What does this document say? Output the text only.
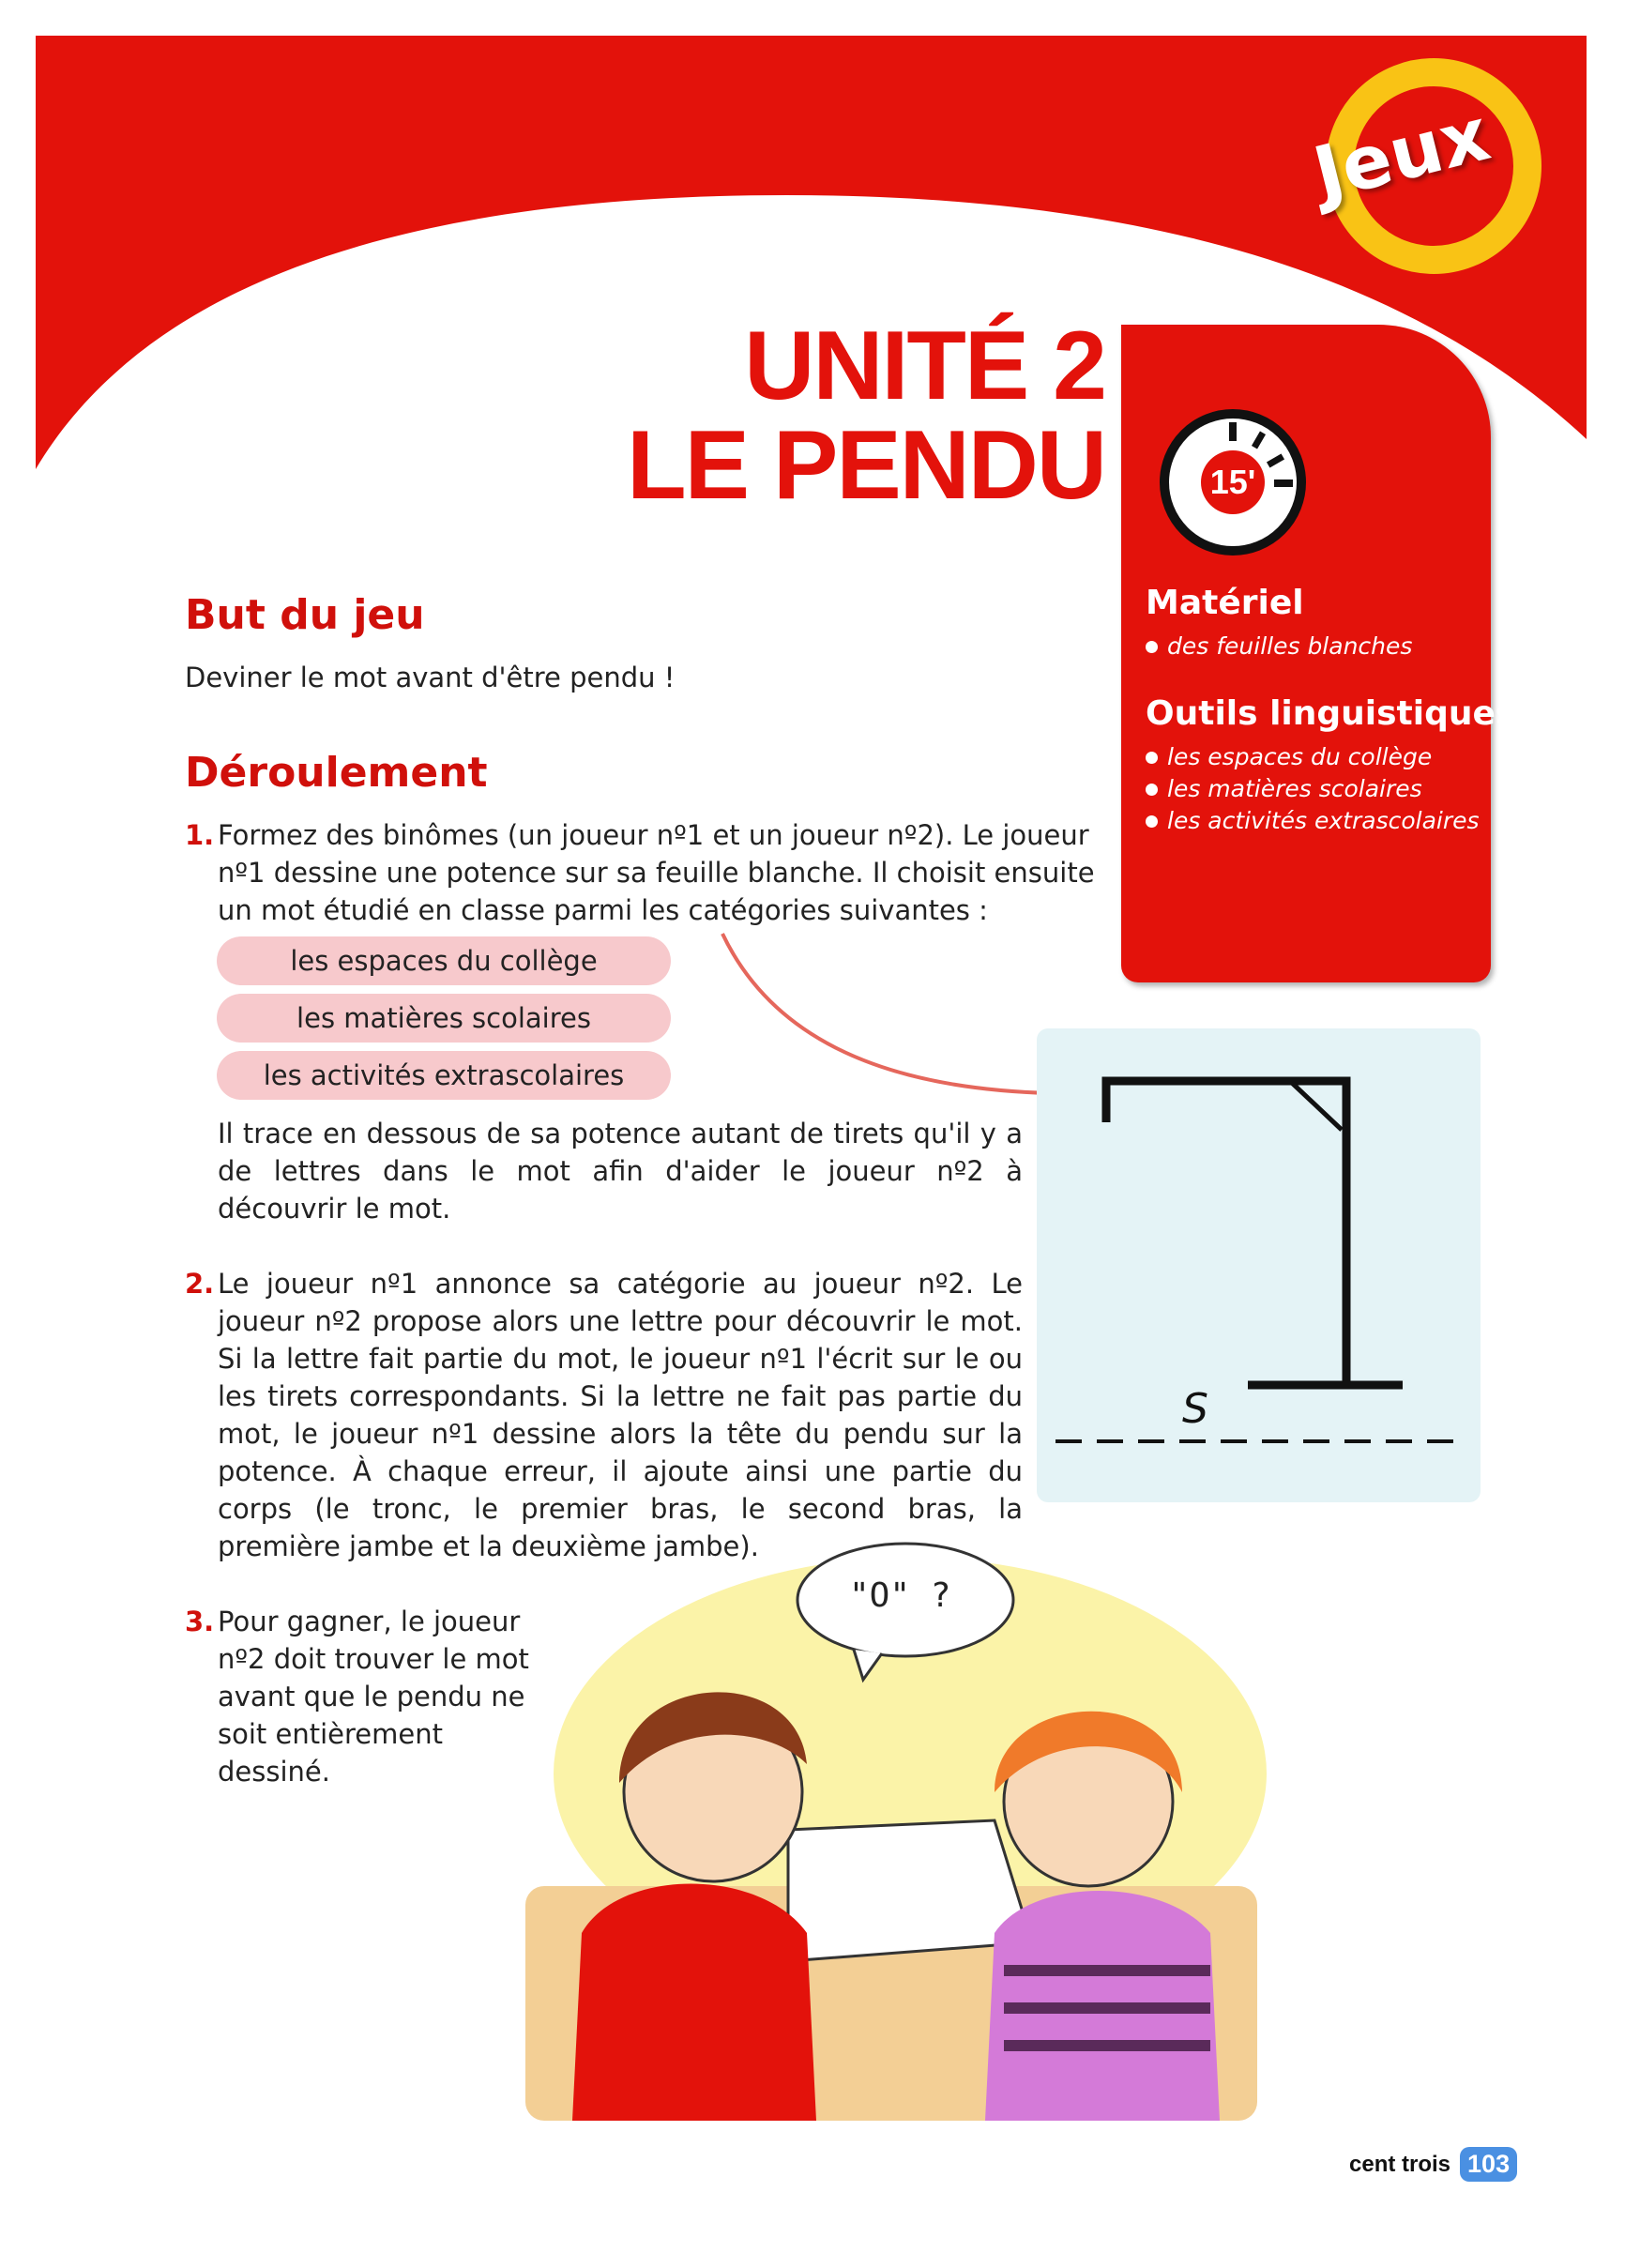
Jeux
UNITÉ 2
LE PENDU	15'
Matériel
des feuilles blanches
Outils linguistiques
les espaces du collège
les matières scolaires
les activités extrascolaires
But du jeu
Deviner le mot avant d'être pendu !
Déroulement
1. Formez des binômes (un joueur nº1 et un joueur nº2). Le joueur nº1 dessine une potence sur sa feuille blanche. Il choisit ensuite un mot étudié en classe parmi les catégories suivantes :
les espaces du collège
les matières scolaires
les activités extrascolaires
Il trace en dessous de sa potence autant de tirets qu'il y a de lettres dans le mot afin d'aider le joueur nº2 à découvrir le mot.
2. Le joueur nº1 annonce sa catégorie au joueur nº2. Le joueur nº2 propose alors une lettre pour découvrir le mot. Si la lettre fait partie du mot, le joueur nº1 l'écrit sur le ou les tirets correspondants. Si la lettre ne fait pas partie du mot, le joueur nº1 dessine alors la tête du pendu sur la potence. À chaque erreur, il ajoute ainsi une partie du corps (le tronc, le premier bras, le second bras, la première jambe et la deuxième jambe).
3. Pour gagner, le joueur nº2 doit trouver le mot avant que le pendu ne soit entièrement dessiné.
S
"O" ?
cent trois 103
